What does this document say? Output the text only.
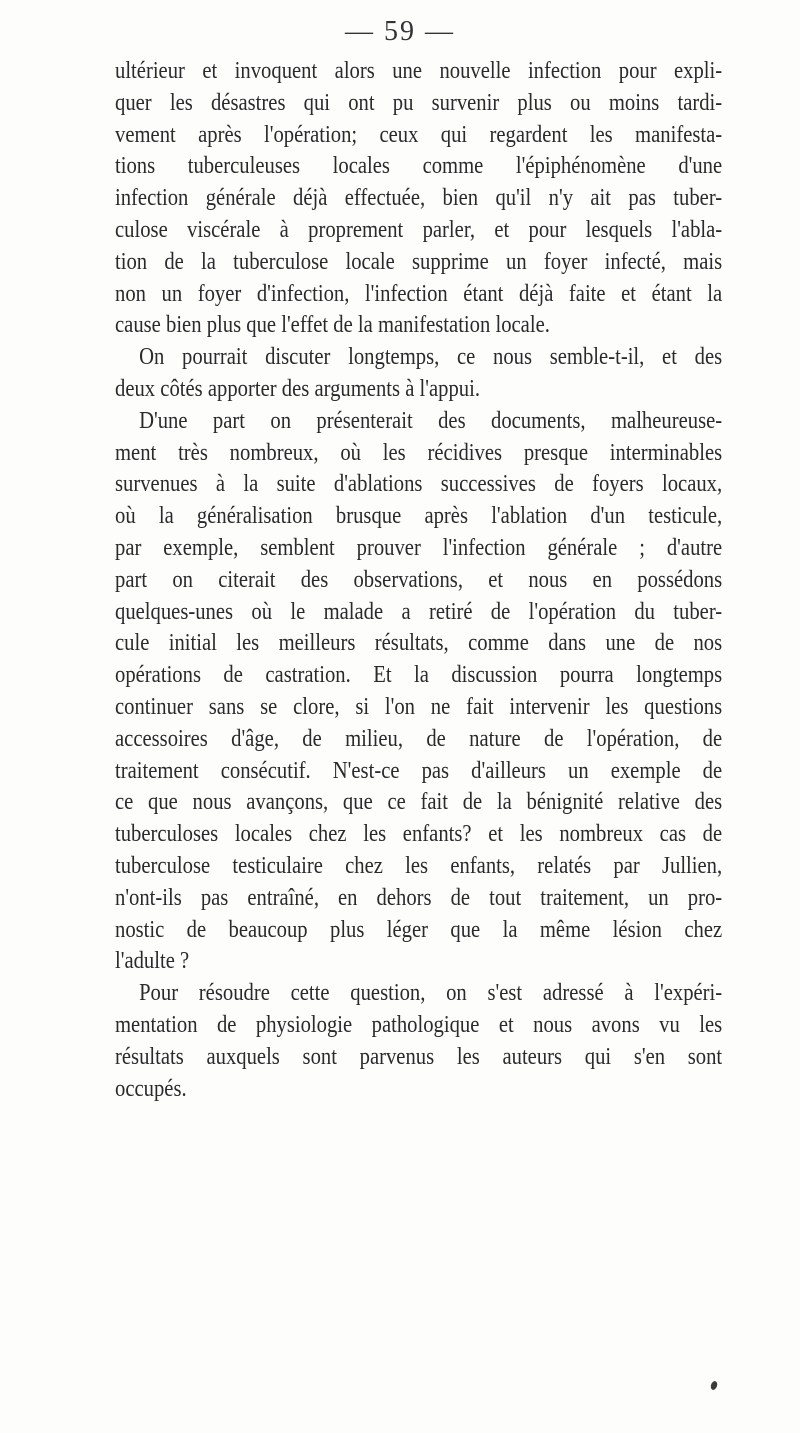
— 59 —
ultérieur et invoquent alors une nouvelle infection pour expli-
quer les désastres qui ont pu survenir plus ou moins tardi-
vement après l'opération; ceux qui regardent les manifesta-
tions tuberculeuses locales comme l'épiphénomène d'une
infection générale déjà effectuée, bien qu'il n'y ait pas tuber-
culose viscérale à proprement parler, et pour lesquels l'abla-
tion de la tuberculose locale supprime un foyer infecté, mais
non un foyer d'infection, l'infection étant déjà faite et étant la
cause bien plus que l'effet de la manifestation locale.
On pourrait discuter longtemps, ce nous semble-t-il, et des
deux côtés apporter des arguments à l'appui.
D'une part on présenterait des documents, malheureuse-
ment très nombreux, où les récidives presque interminables
survenues à la suite d'ablations successives de foyers locaux,
où la généralisation brusque après l'ablation d'un testicule,
par exemple, semblent prouver l'infection générale ; d'autre
part on citerait des observations, et nous en possédons
quelques-unes où le malade a retiré de l'opération du tuber-
cule initial les meilleurs résultats, comme dans une de nos
opérations de castration. Et la discussion pourra longtemps
continuer sans se clore, si l'on ne fait intervenir les questions
accessoires d'âge, de milieu, de nature de l'opération, de
traitement consécutif. N'est-ce pas d'ailleurs un exemple de
ce que nous avançons, que ce fait de la bénignité relative des
tuberculoses locales chez les enfants? et les nombreux cas de
tuberculose testiculaire chez les enfants, relatés par Jullien,
n'ont-ils pas entraîné, en dehors de tout traitement, un pro-
nostic de beaucoup plus léger que la même lésion chez
l'adulte ?
Pour résoudre cette question, on s'est adressé à l'expéri-
mentation de physiologie pathologique et nous avons vu les
résultats auxquels sont parvenus les auteurs qui s'en sont
occupés.
